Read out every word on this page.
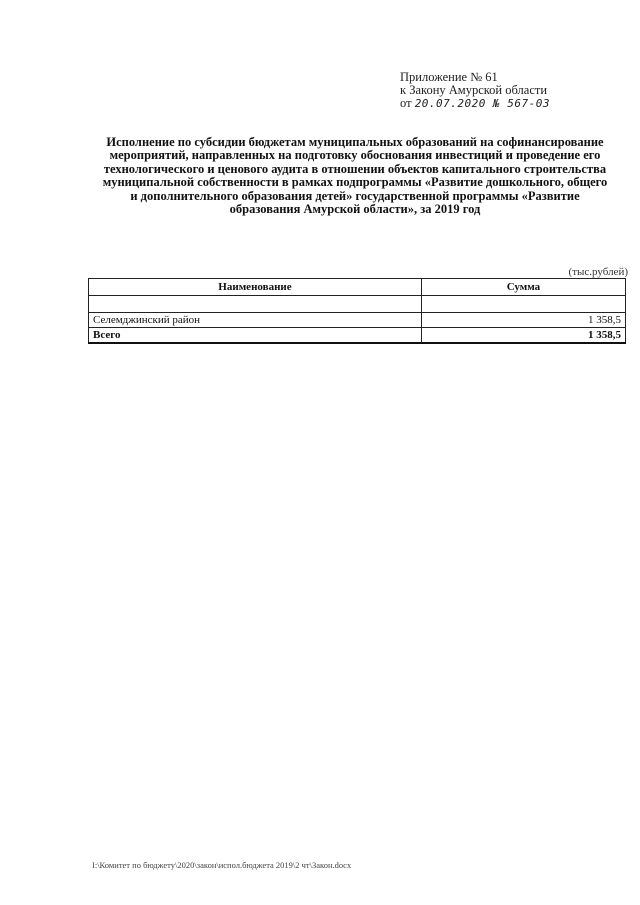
Приложение № 61
к Закону Амурской области
от 20.07.2020 № 567-03
Исполнение по субсидии бюджетам муниципальных образований на софинансирование мероприятий, направленных на подготовку обоснования инвестиций и проведение его технологического и ценового аудита в отношении объектов капитального строительства муниципальной собственности в рамках подпрограммы «Развитие дошкольного, общего и дополнительного образования детей» государственной программы «Развитие образования Амурской области», за 2019 год
(тыс.рублей)
Наименование	Сумма

Селемджинский район	1 358,5
Всего	1 358,5
I:\Комитет по бюджету\2020\закон\испол.бюджета 2019\2 чт\Закон.docx
